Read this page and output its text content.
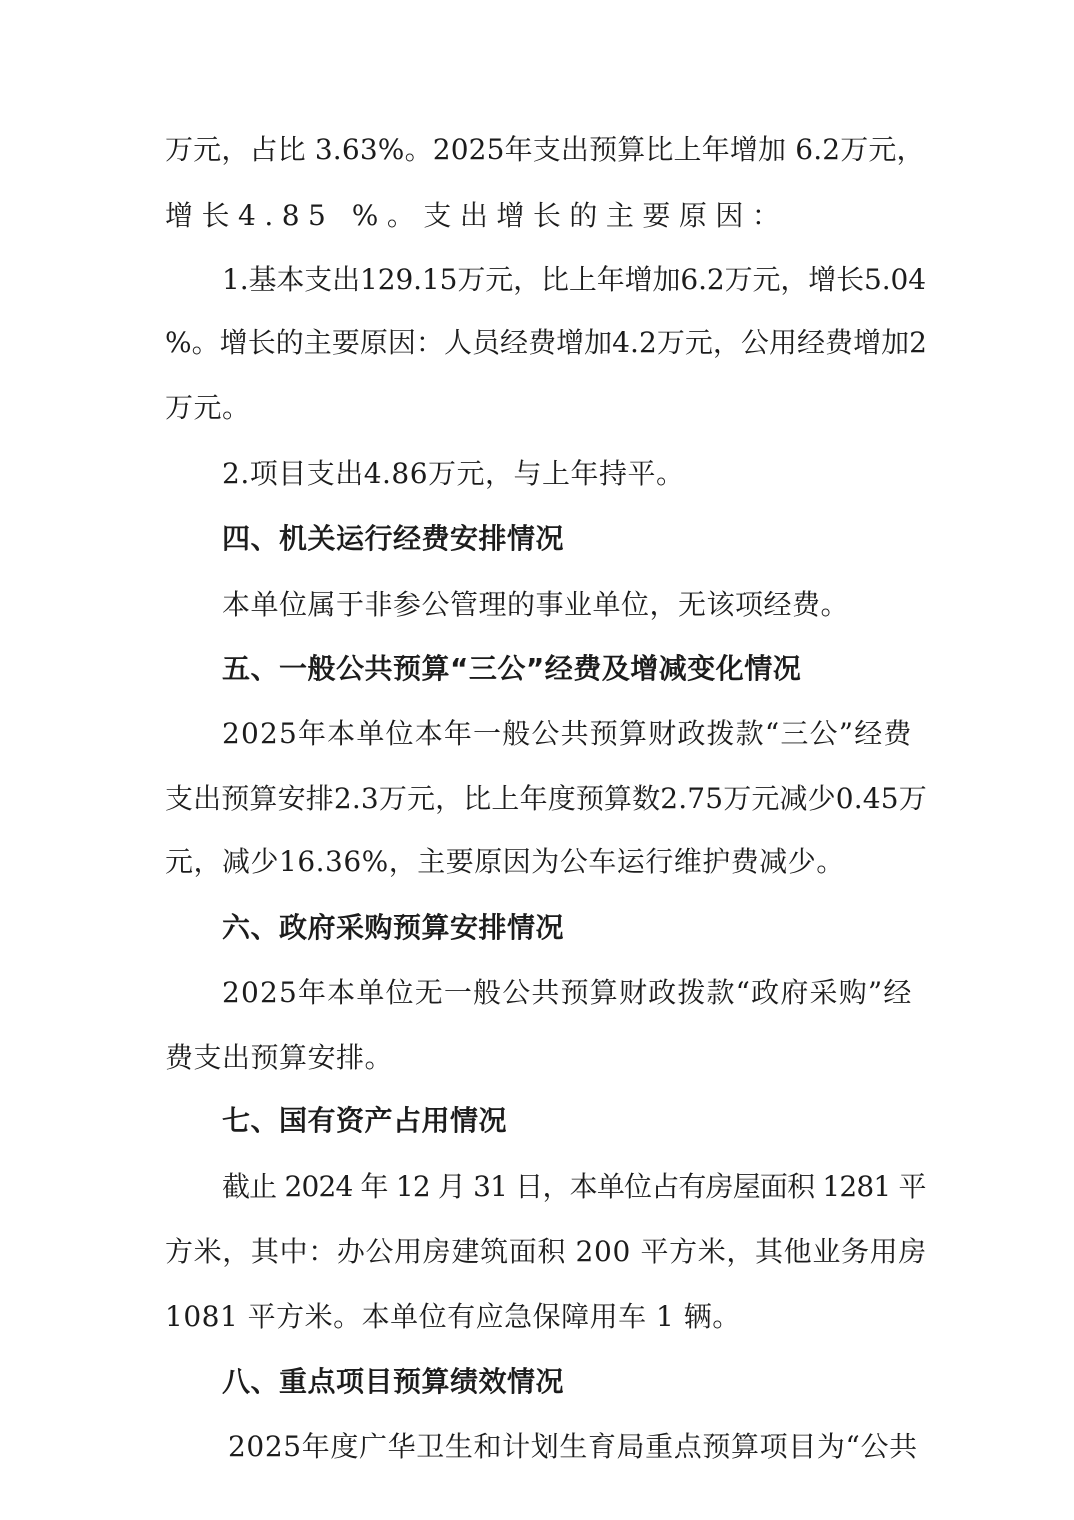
万元，占比 3.63%。2025年支出预算比上年增加 6.2万元，
增长4.85 %。支出增长的主要原因：
1.基本支出129.15万元，比上年增加6.2万元，增长5.04
%。增长的主要原因：人员经费增加4.2万元，公用经费增加2
万元。
2.项目支出4.86万元，与上年持平。
四、机关运行经费安排情况
本单位属于非参公管理的事业单位，无该项经费。
五、一般公共预算“三公”经费及增减变化情况
2025年本单位本年一般公共预算财政拨款“三公”经费
支出预算安排2.3万元，比上年度预算数2.75万元减少0.45万
元，减少16.36%，主要原因为公车运行维护费减少。
六、政府采购预算安排情况
2025年本单位无一般公共预算财政拨款“政府采购”经
费支出预算安排。
七、国有资产占用情况
截止 2024 年 12 月 31 日，本单位占有房屋面积 1281 平
方米，其中：办公用房建筑面积 200 平方米，其他业务用房
1081 平方米。本单位有应急保障用车 1 辆。
八、重点项目预算绩效情况
2025年度广华卫生和计划生育局重点预算项目为“公共
